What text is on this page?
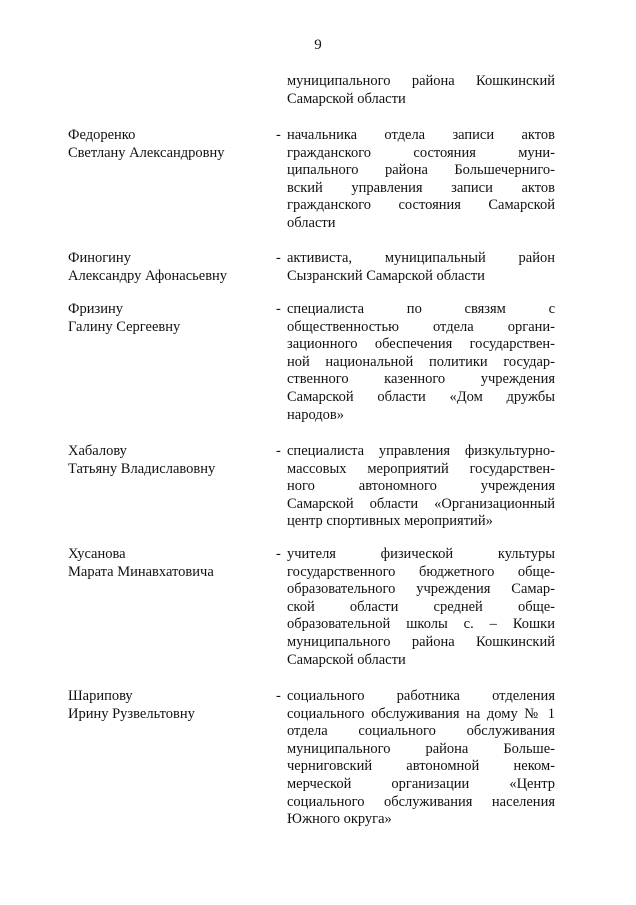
9
муниципального района Кошкинский
Самарской области
Федоренко
Светлану Александровну
- начальника отдела записи актов
гражданского состояния муни-
ципального района Большечерниго-
вский управления записи актов
гражданского состояния Самарской
области
Финогину
Александру Афонасьевну
- активиста, муниципальный район
Сызранский Самарской области
Фризину
Галину Сергеевну
- специалиста по связям с
общественностью отдела органи-
зационного обеспечения государствен-
ной национальной политики государ-
ственного казенного учреждения
Самарской области «Дом дружбы
народов»
Хабалову
Татьяну Владиславовну
- специалиста управления физкультурно-
массовых мероприятий государствен-
ного автономного учреждения
Самарской области «Организационный
центр спортивных мероприятий»
Хусанова
Марата Минавхатовича
- учителя физической культуры
государственного бюджетного обще-
образовательного учреждения Самар-
ской области средней обще-
образовательной школы с. – Кошки
муниципального района Кошкинский
Самарской области
Шарипову
Ирину Рузвельтовну
- социального работника отделения
социального обслуживания на дому № 1
отдела социального обслуживания
муниципального района Больше-
черниговский автономной неком-
мерческой организации «Центр
социального обслуживания населения
Южного округа»
